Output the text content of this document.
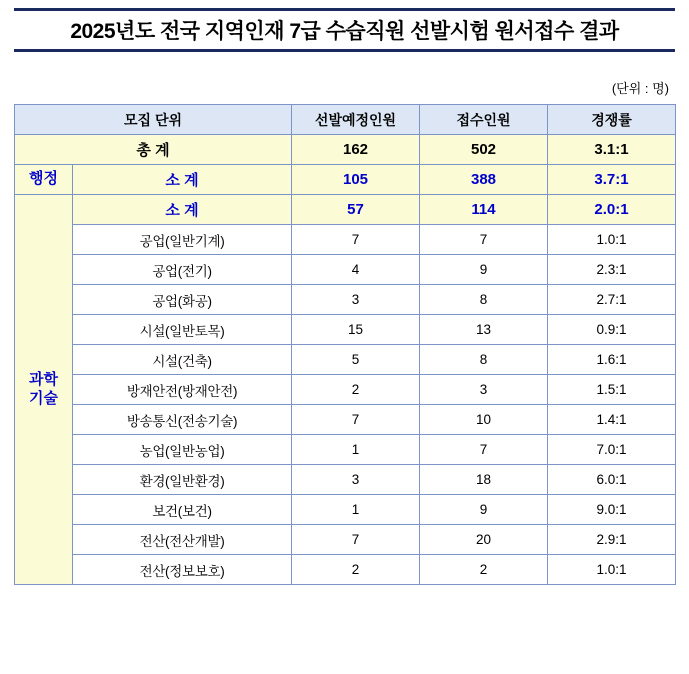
2025년도 전국 지역인재 7급 수습직원 선발시험 원서접수 결과
(단위 : 명)
모집 단위		선발예정인원	접수인원	경쟁률
총 계		162	502	3.1:1
행정	소 계	105	388	3.7:1
과학
기술	소 계	57	114	2.0:1
	공업(일반기계)	7	7	1.0:1
	공업(전기)	4	9	2.3:1
	공업(화공)	3	8	2.7:1
	시설(일반토목)	15	13	0.9:1
	시설(건축)	5	8	1.6:1
	방재안전(방재안전)	2	3	1.5:1
	방송통신(전송기술)	7	10	1.4:1
	농업(일반농업)	1	7	7.0:1
	환경(일반환경)	3	18	6.0:1
	보건(보건)	1	9	9.0:1
	전산(전산개발)	7	20	2.9:1
	전산(정보보호)	2	2	1.0:1
